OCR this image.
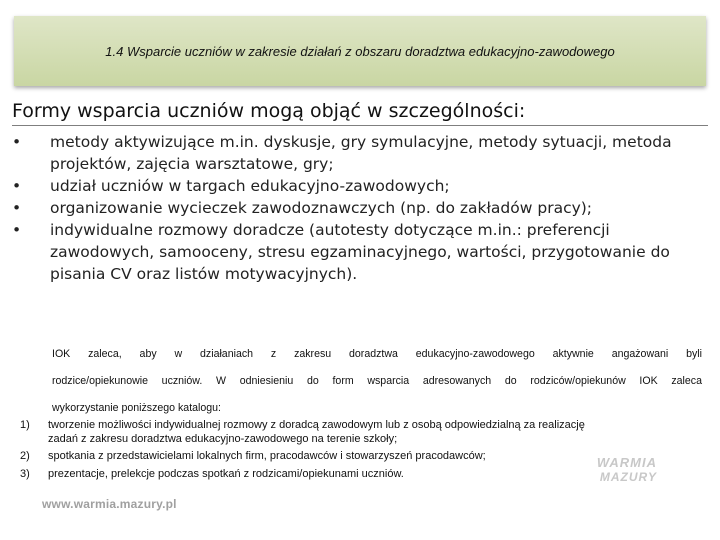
1.4 Wsparcie uczniów w zakresie działań z obszaru doradztwa edukacyjno-zawodowego
Formy wsparcia uczniów mogą objąć w szczególności:
• metody aktywizujące m.in. dyskusje, gry symulacyjne, metody sytuacji, metoda
projektów, zajęcia warsztatowe, gry;
• udział uczniów w targach edukacyjno-zawodowych;
• organizowanie wycieczek zawodoznawczych (np. do zakładów pracy);
• indywidualne rozmowy doradcze (autotesty dotyczące m.in.: preferencji
zawodowych, samooceny, stresu egzaminacyjnego, wartości, przygotowanie do
pisania CV oraz listów motywacyjnych).

IOK zaleca, aby w działaniach z zakresu doradztwa edukacyjno-zawodowego aktywnie angażowani byli

rodzice/opiekunowie uczniów. W odniesieniu do form wsparcia adresowanych do rodziców/opiekunów IOK zaleca

wykorzystanie poniższego katalogu:

1) tworzenie możliwości indywidualnej rozmowy z doradcą zawodowym lub z osobą odpowiedzialną za realizację
zadań z zakresu doradztwa edukacyjno-zawodowego na terenie szkoły;
2) spotkania z przedstawicielami lokalnych firm, pracodawców i stowarzyszeń pracodawców;
3) prezentacje, prelekcje podczas spotkań z rodzicami/opiekunami uczniów.
WARMIA
MAZURY
www.warmia.mazury.pl
